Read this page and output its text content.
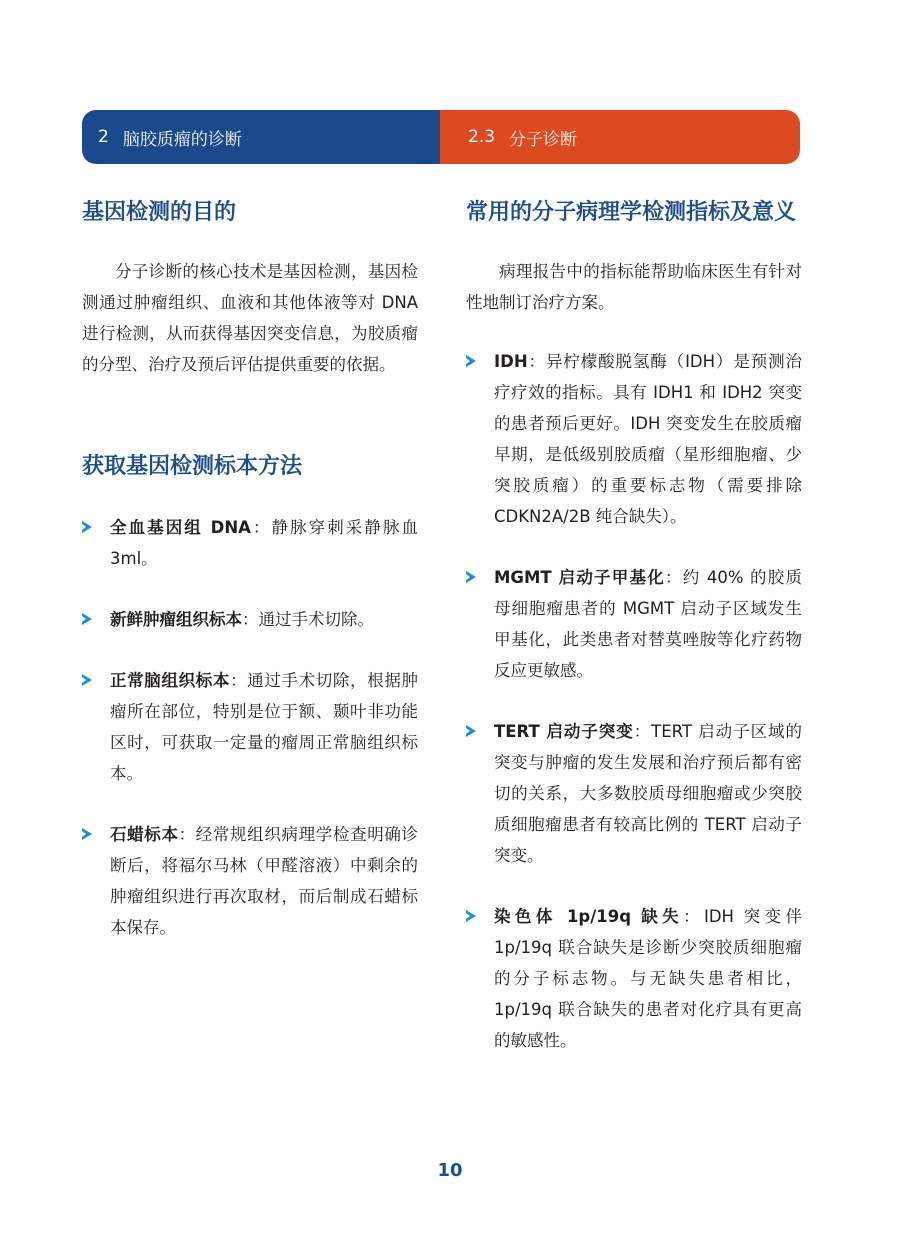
2 脑胶质瘤的诊断	2.3 分子诊断
基因检测的目的

分子诊断的核心技术是基因检测，基因检测通过肿瘤组织、血液和其他体液等对 DNA 进行检测，从而获得基因突变信息，为胶质瘤的分型、治疗及预后评估提供重要的依据。

获取基因检测标本方法
全血基因组 DNA：静脉穿刺采静脉血3ml。
新鲜肿瘤组织标本：通过手术切除。
正常脑组织标本：通过手术切除，根据肿瘤所在部位，特别是位于额、颞叶非功能区时，可获取一定量的瘤周正常脑组织标本。
石蜡标本：经常规组织病理学检查明确诊断后，将福尔马林（甲醛溶液）中剩余的肿瘤组织进行再次取材，而后制成石蜡标本保存。
常用的分子病理学检测指标及意义

病理报告中的指标能帮助临床医生有针对性地制订治疗方案。

IDH：异柠檬酸脱氢酶（IDH）是预测治疗疗效的指标。具有 IDH1 和 IDH2 突变的患者预后更好。IDH 突变发生在胶质瘤早期，是低级别胶质瘤（星形细胞瘤、少突胶质瘤）的重要标志物（需要排除 CDKN2A/2B 纯合缺失）。
MGMT 启动子甲基化：约 40% 的胶质母细胞瘤患者的 MGMT 启动子区域发生甲基化，此类患者对替莫唑胺等化疗药物反应更敏感。
TERT 启动子突变：TERT 启动子区域的突变与肿瘤的发生发展和治疗预后都有密切的关系，大多数胶质母细胞瘤或少突胶质细胞瘤患者有较高比例的 TERT 启动子突变。
染色体 1p/19q 缺失：IDH 突变伴 1p/19q 联合缺失是诊断少突胶质细胞瘤的分子标志物。与无缺失患者相比，1p/19q 联合缺失的患者对化疗具有更高的敏感性。
10
